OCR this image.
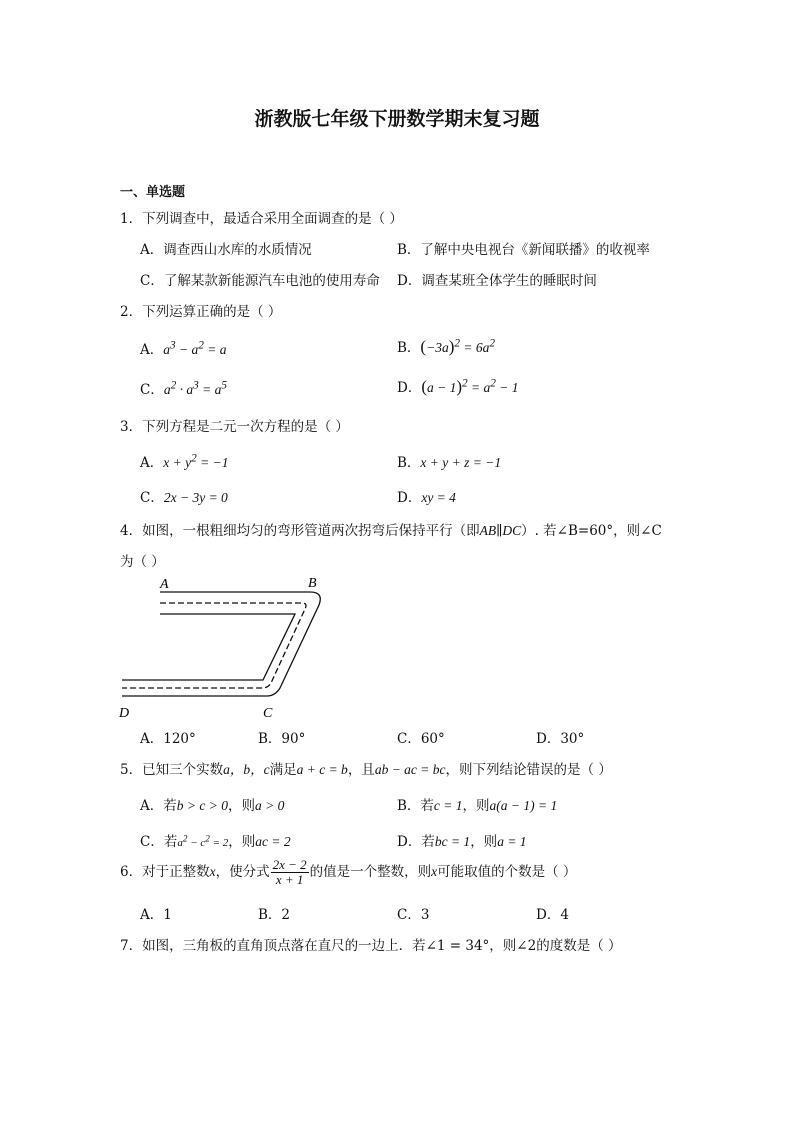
浙教版七年级下册数学期末复习题
一、单选题
1．下列调查中，最适合采用全面调查的是（ ）
A．调查西山水库的水质情况	B．了解中央电视台《新闻联播》的收视率
C．了解某款新能源汽车电池的使用寿命 D．调查某班全体学生的睡眠时间
2．下列运算正确的是（ ）
A．$a^3 - a^2 = a$	B．$(-3a)^2 = 6a^2$
C．$a^2 \cdot a^3 = a^5$	D．$(a - 1)^2 = a^2 - 1$
3．下列方程是二元一次方程的是（ ）
A．$x + y^2 = -1$	B．x + y + z = −1
C．2x − 3y = 0	D．xy = 4
4．如图，一根粗细均匀的弯形管道两次拐弯后保持平行（即AB∥DC）. 若∠B=60°，则∠C
为（ ）
A	B
D	C
A．120°	B．90°	C．60°	D．30°
5．已知三个实数a，b，c满足a + c = b，且ab − ac = bc，则下列结论错误的是（ ）
A．若b > c > 0，则a > 0	B．若c = 1，则a(a − 1) = 1
C．若$a^2 - c^2 = 2$，则ac = 2	D．若bc = 1，则a = 1
6．对于正整数x，使分式 $\frac{2x - 2}{x + 1}$ 的值是一个整数，则x可能取值的个数是（ ）
A．1	B．2	C．3	D．4
7．如图，三角板的直角顶点落在直尺的一边上．若∠1 = 34°，则∠2的度数是（ ）
